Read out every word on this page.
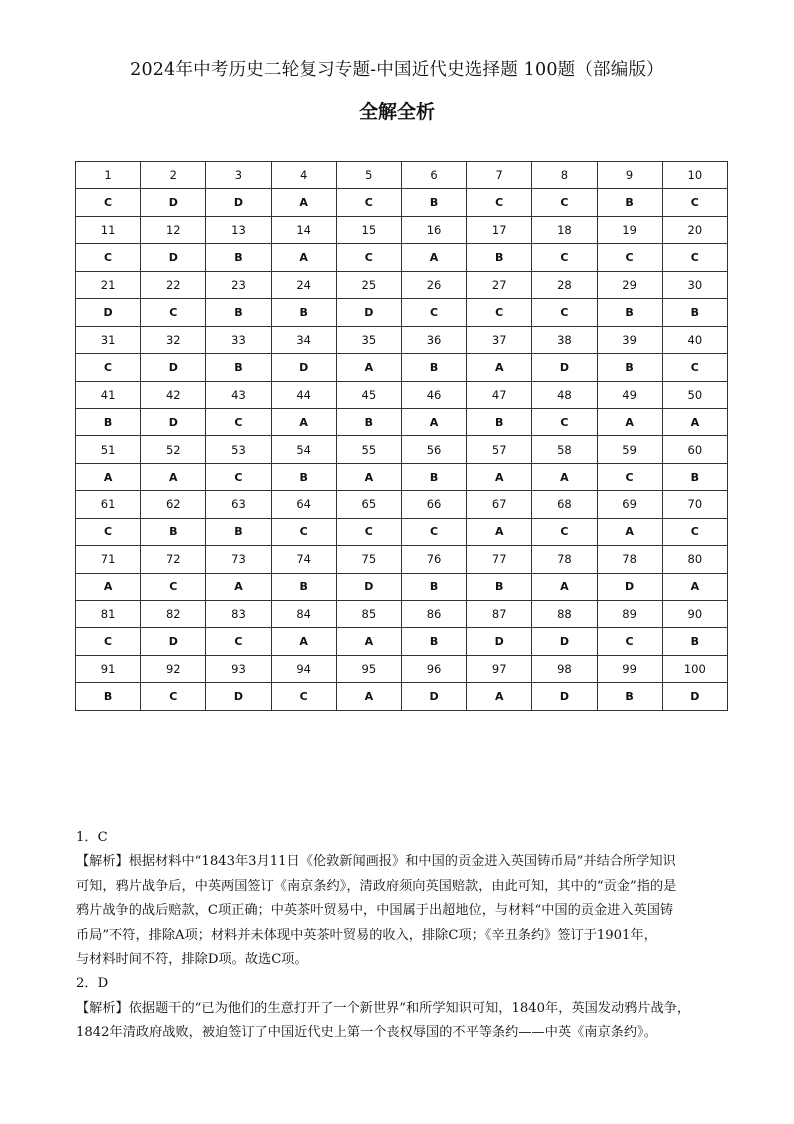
2024年中考历史二轮复习专题-中国近代史选择题 100题（部编版）
全解全析
1	2	3	4	5	6	7	8	9	10
C	D	D	A	C	B	C	C	B	C
11	12	13	14	15	16	17	18	19	20
C	D	B	A	C	A	B	C	C	C
21	22	23	24	25	26	27	28	29	30
D	C	B	B	D	C	C	C	B	B
31	32	33	34	35	36	37	38	39	40
C	D	B	D	A	B	A	D	B	C
41	42	43	44	45	46	47	48	49	50
B	D	C	A	B	A	B	C	A	A
51	52	53	54	55	56	57	58	59	60
A	A	C	B	A	B	A	A	C	B
61	62	63	64	65	66	67	68	69	70
C	B	B	C	C	C	A	C	A	C
71	72	73	74	75	76	77	78	78	80
A	C	A	B	D	B	B	A	D	A
81	82	83	84	85	86	87	88	89	90
C	D	C	A	A	B	D	D	C	B
91	92	93	94	95	96	97	98	99	100
B	C	D	C	A	D	A	D	B	D

1．C

【解析】根据材料中“1843年3月11日《伦敦新闻画报》和中国的贡金进入英国铸币局”并结合所学知识

可知，鸦片战争后，中英两国签订《南京条约》，清政府须向英国赔款，由此可知，其中的“贡金”指的是

鸦片战争的战后赔款，C项正确；中英茶叶贸易中，中国属于出超地位，与材料“中国的贡金进入英国铸

币局”不符，排除A项；材料并未体现中英茶叶贸易的收入，排除C项；《辛丑条约》签订于1901年，

与材料时间不符，排除D项。故选C项。

2．D

【解析】依据题干的“已为他们的生意打开了一个新世界”和所学知识可知，1840年，英国发动鸦片战争，

1842年清政府战败，被迫签订了中国近代史上第一个丧权辱国的不平等条约——中英《南京条约》。
